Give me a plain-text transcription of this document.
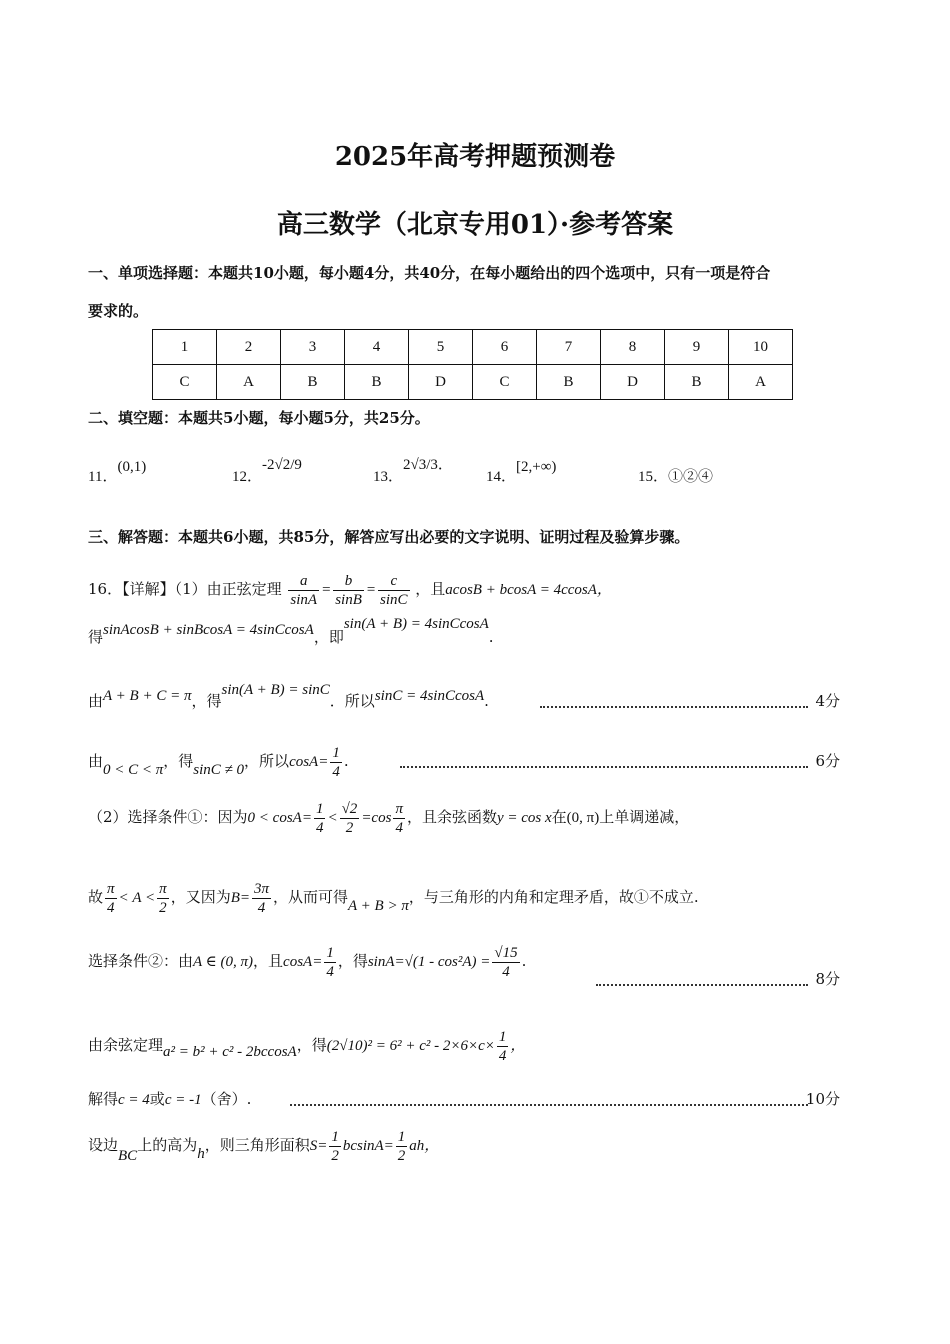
2025年高考押题预测卷
高三数学（北京专用01）·参考答案
一、单项选择题：本题共10小题，每小题4分，共40分，在每小题给出的四个选项中，只有一项是符合
要求的。
1	2	3	4	5	6	7	8	9	10
C	A	B	B	D	C	B	D	B	A
二、填空题：本题共5小题，每小题5分，共25分。
11．(0,1)
12．-2√2/9
13．2√3/3．
14．[2,+∞)
15．①②④
三、解答题：本题共6小题，共85分，解答应写出必要的文字说明、证明过程及验算步骤。
16．【详解】（1）由正弦定理 $\frac{a}{\sin A} = \frac{b}{\sin B} = \frac{c}{\sin C}$ ，且acosB + bcosA = 4ccosA，
得sinAcosB + sinBcosA = 4sinCcosA，即sin(A + B) = 4sinCcosA.
由A + B + C = π，得sin(A + B) = sinC．所以sinC = 4sinCcosA.	4分
由0 < C < π，得sinC ≠ 0，所以$\cos A= \frac{1}{4}$ .	6分
（2）选择条件①：因为$0 < \cos A= \frac{1}{4} < \frac{√2}{2} =\cos \frac{\pi}{4}$ ，且余弦函数y = cos x在(0, π)上单调递减，
故 $\frac{\pi}{4} < A < \frac{\pi}{2}$ ，又因为$B= \frac{3\pi}{4}$ ，从而可得A + B > π，与三角形的内角和定理矛盾，故①不成立.
选择条件②：由A ∈ (0, π)，且$\cos A= \frac{1}{4}$ ，得$\sin A=√(1 - \cos^2A) = \frac{√15}{4}$ .
8分
由余弦定理a² = b² + c² - 2bccosA，得$(2√10)^2 = 6^2 + c^2 - 2\times 6\times c\times \frac{1}{4}$ ，
解得c = 4或c = -1（舍）.	10分
设边BC上的高为h，则三角形面积$S= \frac{1}{2} bcsinA= \frac{1}{2}$ ah，
